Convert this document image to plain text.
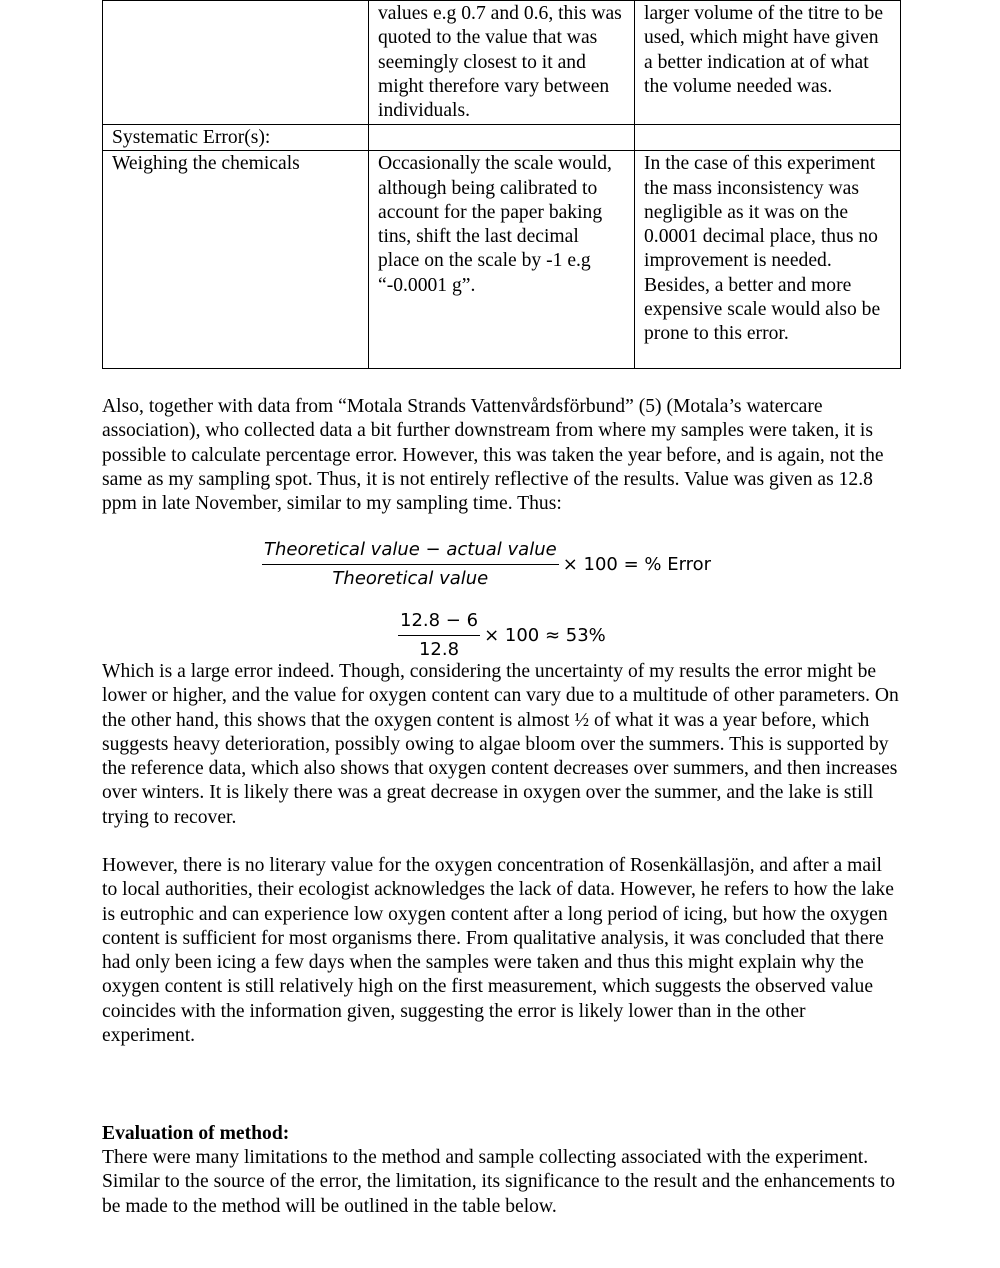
	values e.g 0.7 and 0.6, this was quoted to the value that was seemingly closest to it and might therefore vary between individuals.	larger volume of the titre to be used, which might have given a better indication at of what the volume needed was.
Systematic Error(s):		
Weighing the chemicals	Occasionally the scale would, although being calibrated to account for the paper baking tins, shift the last decimal place on the scale by -1 e.g “-0.0001 g”.	In the case of this experiment the mass inconsistency was negligible as it was on the 0.0001 decimal place, thus no improvement is needed. Besides, a better and more expensive scale would also be prone to this error.

Also, together with data from “Motala Strands Vattenvårdsförbund” (5) (Motala’s watercare association), who collected data a bit further downstream from where my samples were taken, it is possible to calculate percentage error. However, this was taken the year before, and is again, not the same as my sampling spot. Thus, it is not entirely reflective of the results. Value was given as 12.8 ppm in late November, similar to my sampling time. Thus:

$\frac{\text{Theoretical value − actual value}}{\text{Theoretical value}} \times 100$ = % Error
$\frac{12.8 - 6}{12.8} \times 100 \approx 53\%$

Which is a large error indeed. Though, considering the uncertainty of my results the error might be lower or higher, and the value for oxygen content can vary due to a multitude of other parameters. On the other hand, this shows that the oxygen content is almost ½ of what it was a year before, which suggests heavy deterioration, possibly owing to algae bloom over the summers. This is supported by the reference data, which also shows that oxygen content decreases over summers, and then increases over winters. It is likely there was a great decrease in oxygen over the summer, and the lake is still trying to recover.

However, there is no literary value for the oxygen concentration of Rosenkällasjön, and after a mail to local authorities, their ecologist acknowledges the lack of data. However, he refers to how the lake is eutrophic and can experience low oxygen content after a long period of icing, but how the oxygen content is sufficient for most organisms there. From qualitative analysis, it was concluded that there had only been icing a few days when the samples were taken and thus this might explain why the oxygen content is still relatively high on the first measurement, which suggests the observed value coincides with the information given, suggesting the error is likely lower than in the other experiment.

Evaluation of method:

There were many limitations to the method and sample collecting associated with the experiment. Similar to the source of the error, the limitation, its significance to the result and the enhancements to be made to the method will be outlined in the table below.
